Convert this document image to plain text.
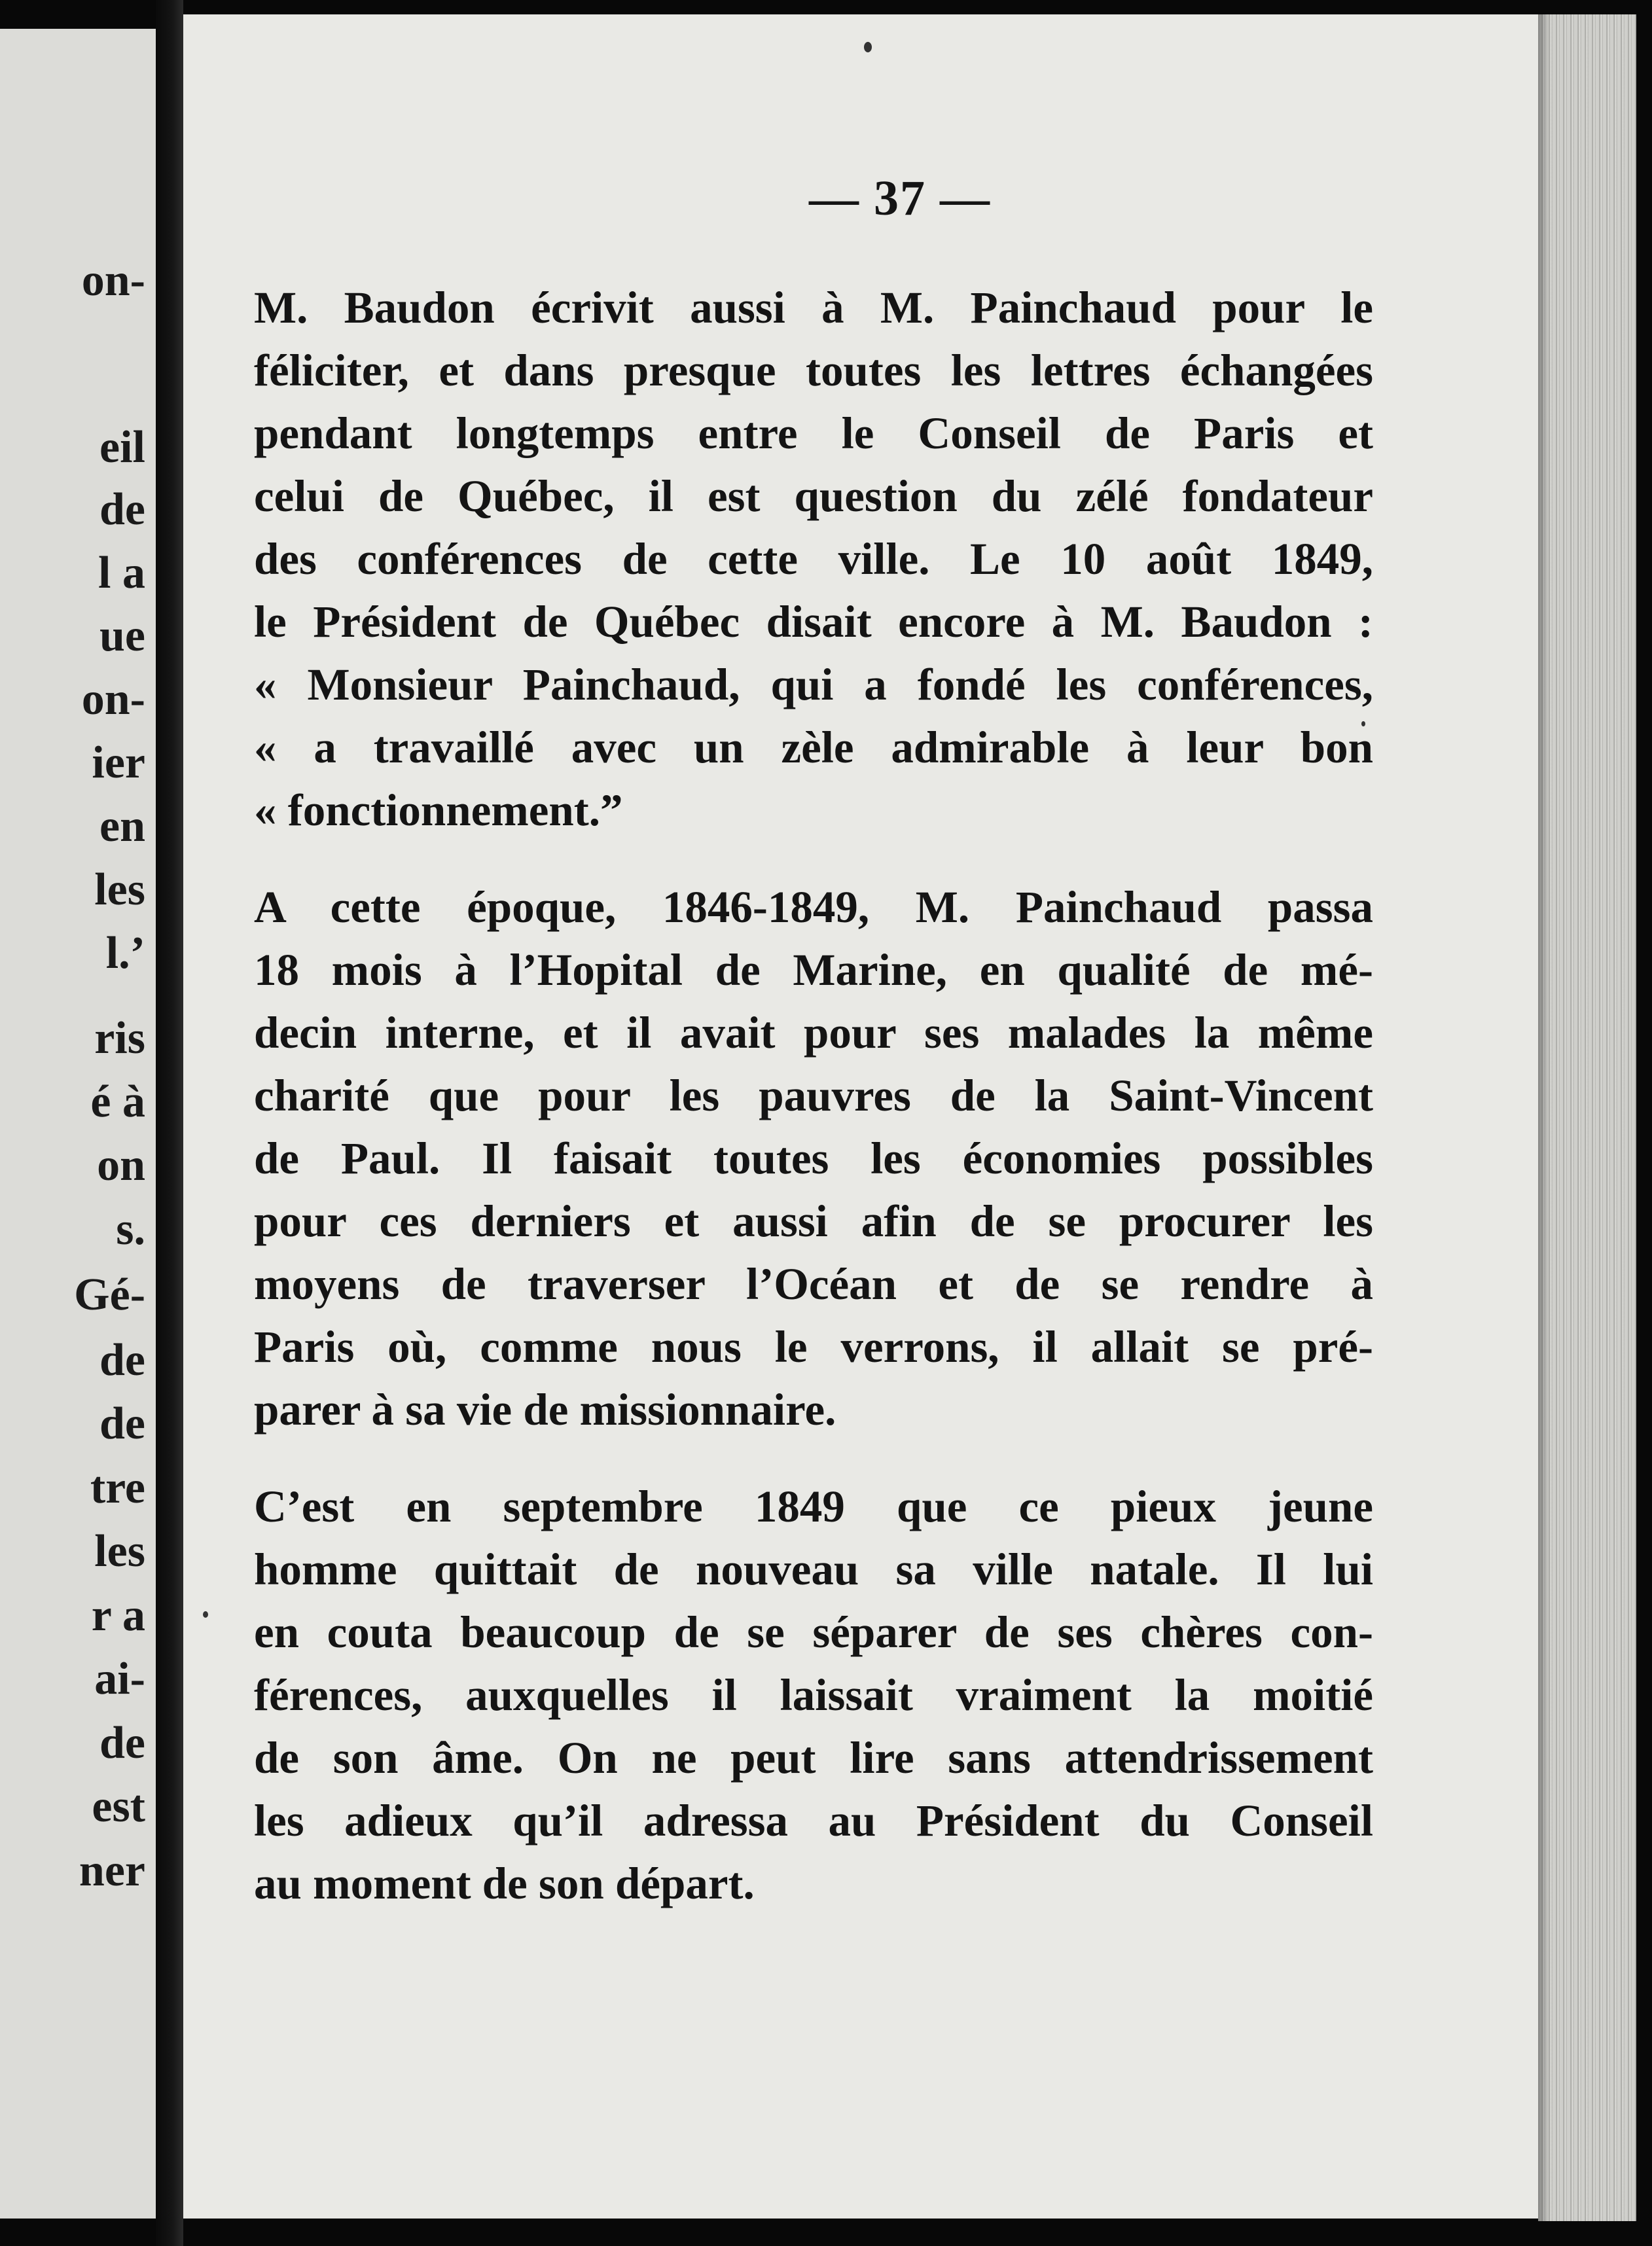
on-
eil
de
l a
ue
on-
ier
en
les
l.’
ris
é à
on
s.
Gé-
de
de
tre
les
r a
ai-
de
est
ner
— 37 —
M. Baudon écrivit aussi à M. Painchaud pour le
féliciter, et dans presque toutes les lettres échangées
pendant longtemps entre le Conseil de Paris et
celui de Québec, il est question du zélé fondateur
des conférences de cette ville. Le 10 août 1849,
le Président de Québec disait encore à M. Baudon :
« Monsieur Painchaud, qui a fondé les conférences,
« a travaillé avec un zèle admirable à leur bon
« fonctionnement.”
A cette époque, 1846-1849, M. Painchaud passa
18 mois à l’Hopital de Marine, en qualité de mé-
decin interne, et il avait pour ses malades la même
charité que pour les pauvres de la Saint-Vincent
de Paul. Il faisait toutes les économies possibles
pour ces derniers et aussi afin de se procurer les
moyens de traverser l’Océan et de se rendre à
Paris où, comme nous le verrons, il allait se pré-
parer à sa vie de missionnaire.
C’est en septembre 1849 que ce pieux jeune
homme quittait de nouveau sa ville natale. Il lui
en couta beaucoup de se séparer de ses chères con-
férences, auxquelles il laissait vraiment la moitié
de son âme. On ne peut lire sans attendrissement
les adieux qu’il adressa au Président du Conseil
au moment de son départ.
